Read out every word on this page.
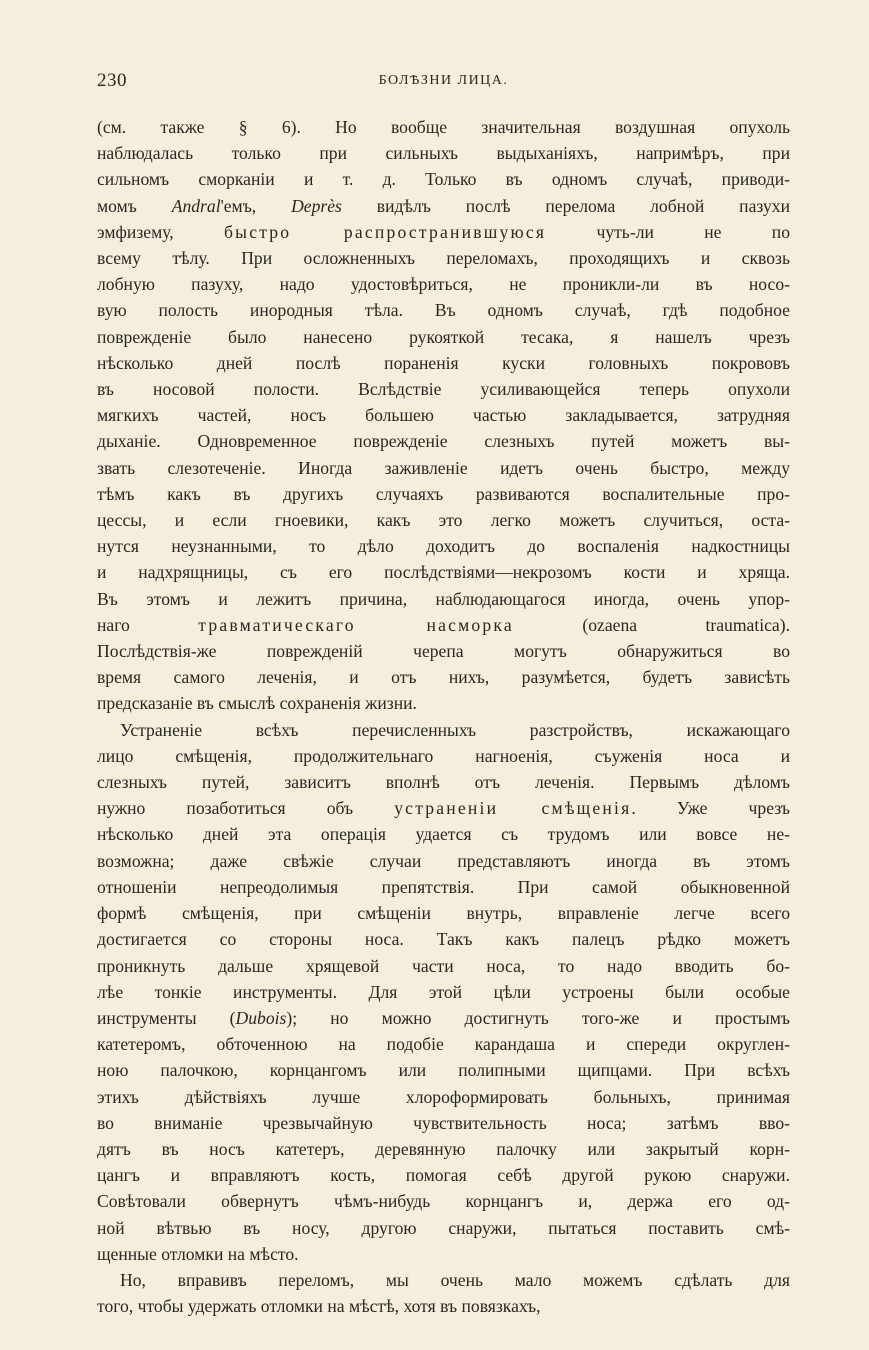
230	БОЛѢЗНИ ЛИЦА.

(см. также § 6). Но вообще значительная воздушная опухоль
наблюдалась только при сильныхъ выдыханiяхъ, напримѣръ, при
сильномъ сморканiи и т. д. Только въ одномъ случаѣ, приводи-
момъ Andral'емъ, Deprès видѣлъ послѣ перелома лобной пазухи
эмфизему, быстро распространившуюся чуть-ли не по
всему тѣлу. При осложненныхъ переломахъ, проходящихъ и сквозь
лобную пазуху, надо удостовѣриться, не проникли-ли въ носо-
вую полость инородныя тѣла. Въ одномъ случаѣ, гдѣ подобное
поврежденiе было нанесено рукояткой тесака, я нашелъ чрезъ
нѣсколько дней послѣ пораненiя куски головныхъ покрововъ
въ носовой полости. Вслѣдствiе усиливающейся теперь опухоли
мягкихъ частей, носъ большею частью закладывается, затрудняя
дыханiе. Одновременное поврежденiе слезныхъ путей можетъ вы-
звать слезотеченiе. Иногда заживленiе идетъ очень быстро, между
тѣмъ какъ въ другихъ случаяхъ развиваются воспалительные про-
цессы, и если гноевики, какъ это легко можетъ случиться, оста-
нутся неузнанными, то дѣло доходитъ до воспаленiя надкостницы
и надхрящницы, съ его послѣдствiями—некрозомъ кости и хряща.
Въ этомъ и лежитъ причина, наблюдающагося иногда, очень упор-
наго травматическаго насморка (ozaena traumatica).
Послѣдствiя-же поврежденiй черепа могутъ обнаружиться во
время самого леченiя, и отъ нихъ, разумѣется, будетъ зависѣть
предсказанiе въ смыслѣ сохраненiя жизни.

Устраненiе всѣхъ перечисленныхъ разстройствъ, искажающаго
лицо смѣщенiя, продолжительнаго нагноенiя, съуженiя носа и
слезныхъ путей, зависитъ вполнѣ отъ леченiя. Первымъ дѣломъ
нужно позаботиться объ устраненiи смѣщенiя. Уже чрезъ
нѣсколько дней эта операцiя удается съ трудомъ или вовсе не-
возможна; даже свѣжiе случаи представляютъ иногда въ этомъ
отношенiи непреодолимыя препятствiя. При самой обыкновенной
формѣ смѣщенiя, при смѣщенiи внутрь, вправленiе легче всего
достигается со стороны носа. Такъ какъ палецъ рѣдко можетъ
проникнуть дальше хрящевой части носа, то надо вводить бо-
лѣе тонкiе инструменты. Для этой цѣли устроены были особые
инструменты (Dubois); но можно достигнуть того-же и простымъ
катетеромъ, обточенною на подобiе карандаша и спереди округлен-
ною палочкою, корнцангомъ или полипными щипцами. При всѣхъ
этихъ дѣйствiяхъ лучше хлороформировать больныхъ, принимая
во вниманiе чрезвычайную чувствительность носа; затѣмъ вво-
дятъ въ носъ катетеръ, деревянную палочку или закрытый корн-
цангъ и вправляютъ кость, помогая себѣ другой рукою снаружи.
Совѣтовали обвернутъ чѣмъ-нибудь корнцангъ и, держа его од-
ной вѣтвью въ носу, другою снаружи, пытаться поставить смѣ-
щенные отломки на мѣсто.

Но, вправивъ переломъ, мы очень мало можемъ сдѣлать для
того, чтобы удержать отломки на мѣстѣ, хотя въ повязкахъ,
